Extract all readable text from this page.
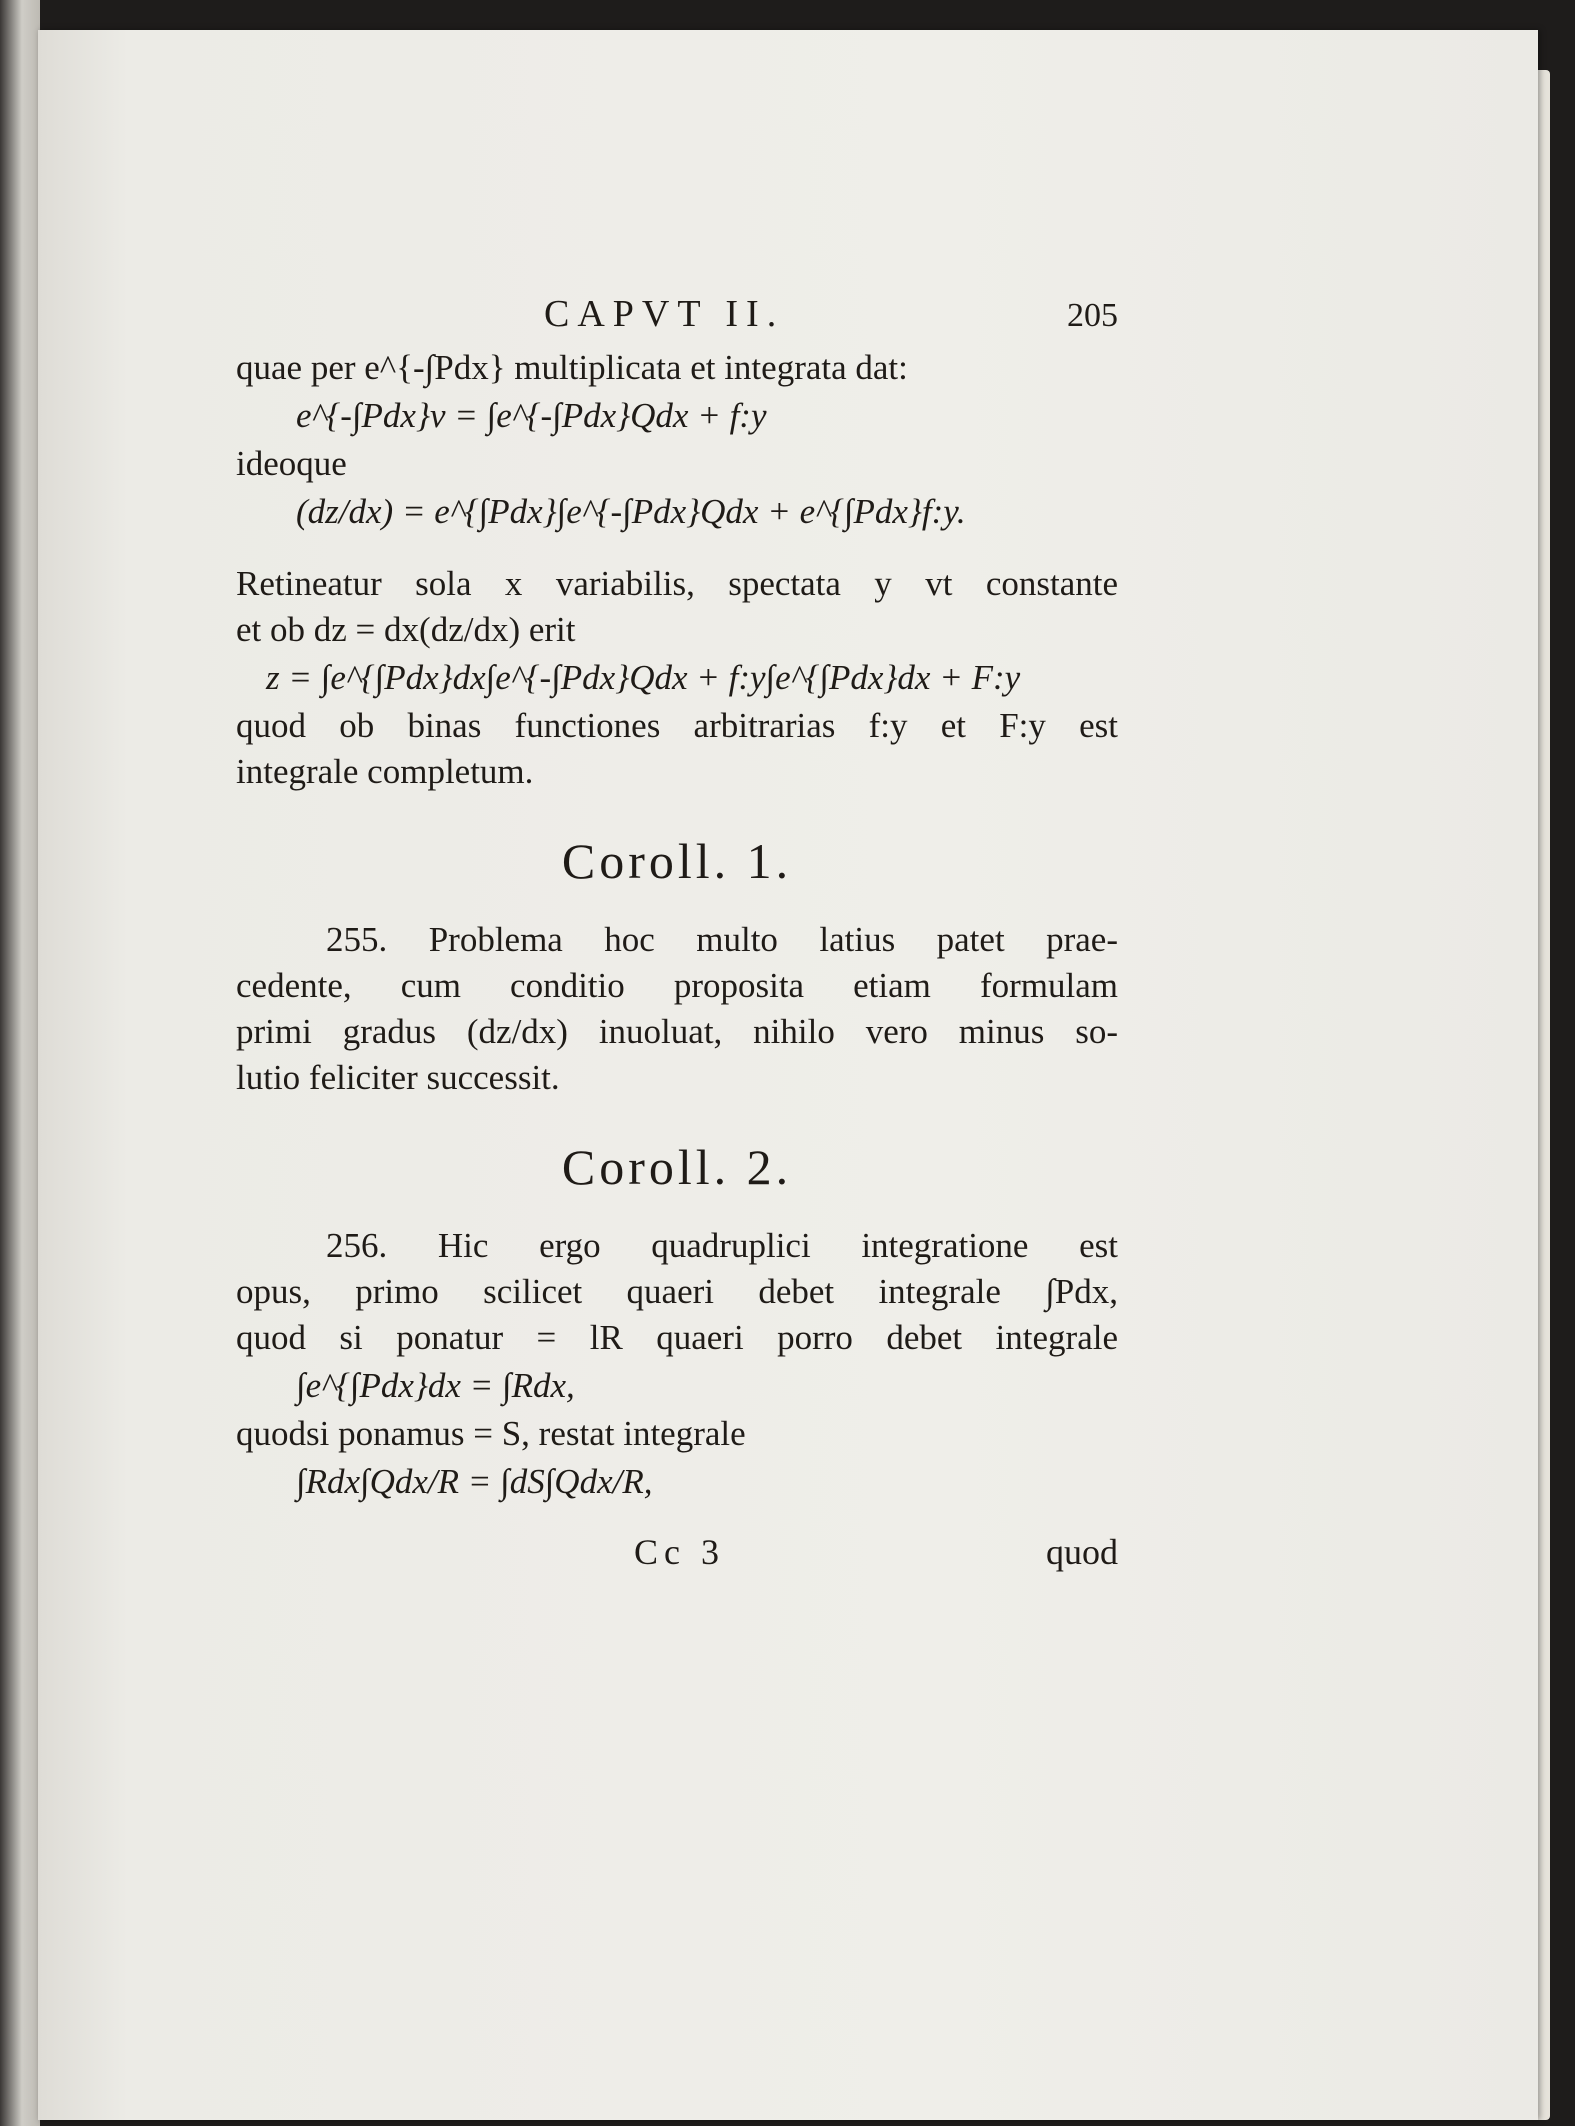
CAPVT II.	205
quae per e^{-∫Pdx} multiplicata et integrata dat:
e^{-∫Pdx}v = ∫e^{-∫Pdx}Qdx + f:y
ideoque
(dz/dx) = e^{∫Pdx}∫e^{-∫Pdx}Qdx + e^{∫Pdx}f:y.
Retineatur sola x variabilis, spectata y vt constante
et ob dz = dx(dz/dx) erit
z = ∫e^{∫Pdx}dx∫e^{-∫Pdx}Qdx + f:y∫e^{∫Pdx}dx + F:y
quod ob binas functiones arbitrarias f:y et F:y est
integrale completum.
Coroll. 1.
255. Problema hoc multo latius patet prae-
cedente, cum conditio proposita etiam formulam
primi gradus (dz/dx) inuoluat, nihilo vero minus so-
lutio feliciter successit.
Coroll. 2.
256. Hic ergo quadruplici integratione est
opus, primo scilicet quaeri debet integrale ∫Pdx,
quod si ponatur = lR quaeri porro debet integrale
∫e^{∫Pdx}dx = ∫Rdx,
quodsi ponamus = S, restat integrale
∫Rdx∫Qdx/R = ∫dS∫Qdx/R,
Cc 3	quod
